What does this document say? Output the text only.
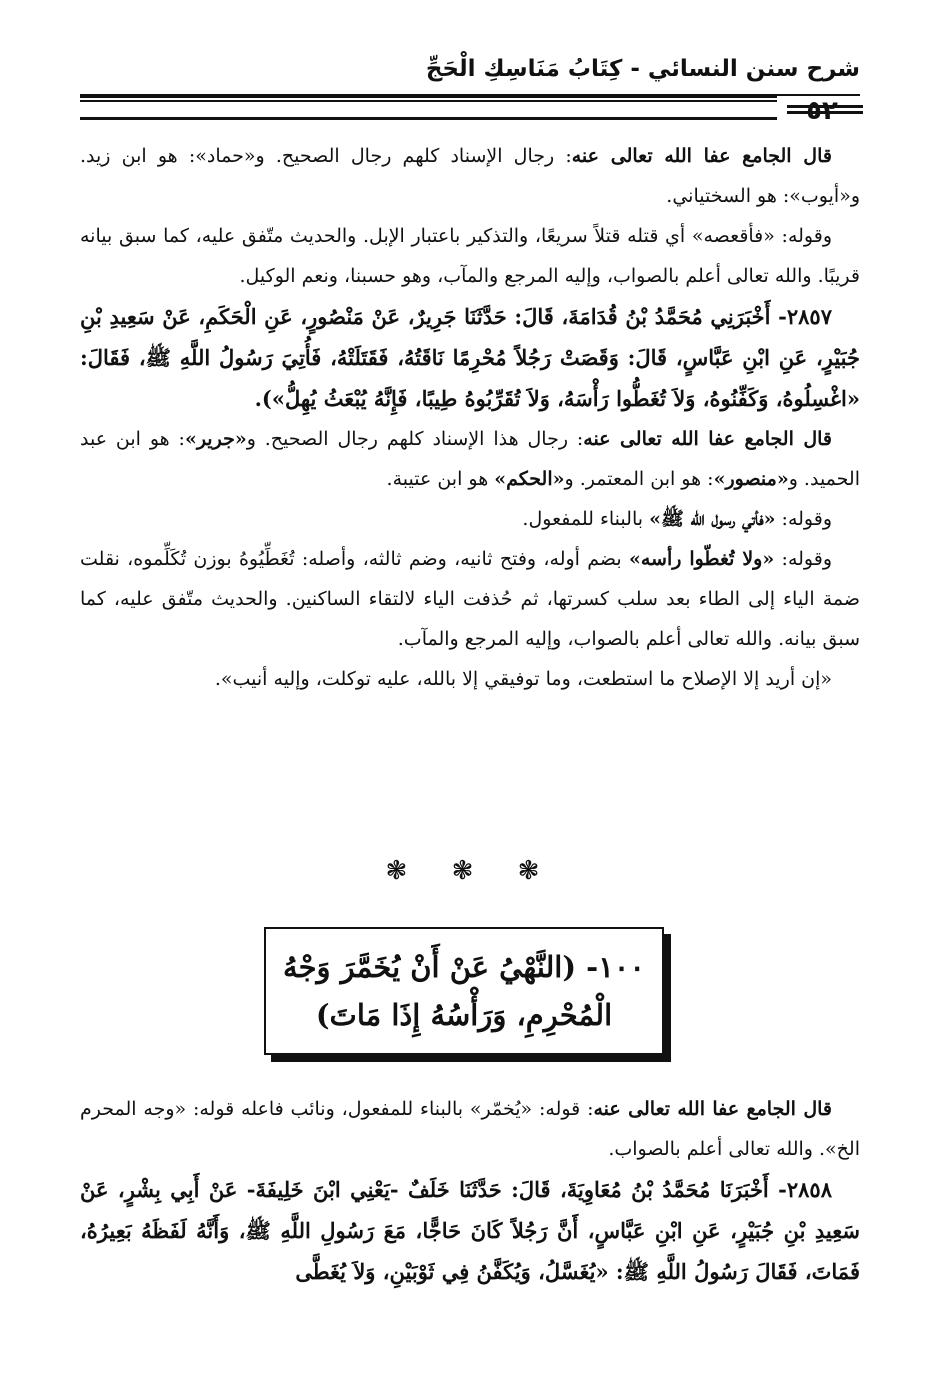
شرح سنن النسائي - كِتَابُ مَنَاسِكِ الْحَجِّ

قال الجامع عفا الله تعالى عنه: رجال الإسناد كلهم رجال الصحيح. و«حماد»: هو ابن زيد. و«أيوب»: هو السختياني.

وقوله: «فأقعصه» أي قتله قتلاً سريعًا، والتذكير باعتبار الإبل. والحديث متّفق عليه، كما سبق بيانه قريبًا. والله تعالى أعلم بالصواب، وإليه المرجع والمآب، وهو حسبنا، ونعم الوكيل.

٢٨٥٧- أَخْبَرَنِي مُحَمَّدُ بْنُ قُدَامَةَ، قَالَ: حَدَّثَنَا جَرِيرٌ، عَنْ مَنْصُورٍ، عَنِ الْحَكَمِ، عَنْ سَعِيدِ بْنِ جُبَيْرٍ، عَنِ ابْنِ عَبَّاسٍ، قَالَ: وَقَصَتْ رَجُلاً مُحْرِمًا نَاقَتُهُ، فَقَتَلَتْهُ، فَأُتِيَ رَسُولُ اللَّهِ ﷺ، فَقَالَ: «اغْسِلُوهُ، وَكَفِّنُوهُ، وَلاَ تُغَطُّوا رَأْسَهُ، وَلاَ تُقَرِّبُوهُ طِيبًا، فَإِنَّهُ يُبْعَثُ يُهِلُّ»).

قال الجامع عفا الله تعالى عنه: رجال هذا الإسناد كلهم رجال الصحيح. و«جرير»: هو ابن عبد الحميد. و«منصور»: هو ابن المعتمر. و«الحكم» هو ابن عتيبة.

وقوله: «فأتي رسول الله ﷺ» بالبناء للمفعول.

وقوله: «ولا تُغطّوا رأسه» بضم أوله، وفتح ثانيه، وضم ثالثه، وأصله: تُغَطِّيُوهُ بوزن تُكَلِّموه، نقلت ضمة الياء إلى الطاء بعد سلب كسرتها، ثم حُذفت الياء لالتقاء الساكنين. والحديث متّفق عليه، كما سبق بيانه. والله تعالى أعلم بالصواب، وإليه المرجع والمآب.

«إن أريد إلا الإصلاح ما استطعت، وما توفيقي إلا بالله، عليه توكلت، وإليه أنيب».

❃ ❃ ❃
١٠٠- (النَّهْيُ عَنْ أَنْ يُخَمَّرَ وَجْهُ
الْمُحْرِمِ، وَرَأْسُهُ إِذَا مَاتَ)

قال الجامع عفا الله تعالى عنه: قوله: «يُخمّر» بالبناء للمفعول، ونائب فاعله قوله: «وجه المحرم الخ». والله تعالى أعلم بالصواب.

٢٨٥٨- أَخْبَرَنَا مُحَمَّدُ بْنُ مُعَاوِيَةَ، قَالَ: حَدَّثَنَا خَلَفٌ -يَعْنِي ابْنَ خَلِيفَةَ- عَنْ أَبِي بِشْرٍ، عَنْ سَعِيدِ بْنِ جُبَيْرٍ، عَنِ ابْنِ عَبَّاسٍ، أَنَّ رَجُلاً كَانَ حَاجًّا، مَعَ رَسُولِ اللَّهِ ﷺ، وَأَنَّهُ لَفَظَهُ بَعِيرُهُ، فَمَاتَ، فَقَالَ رَسُولُ اللَّهِ ﷺ: «يُغَسَّلُ، وَيُكَفَّنُ فِي ثَوْبَيْنِ، وَلاَ يُغَطَّى
